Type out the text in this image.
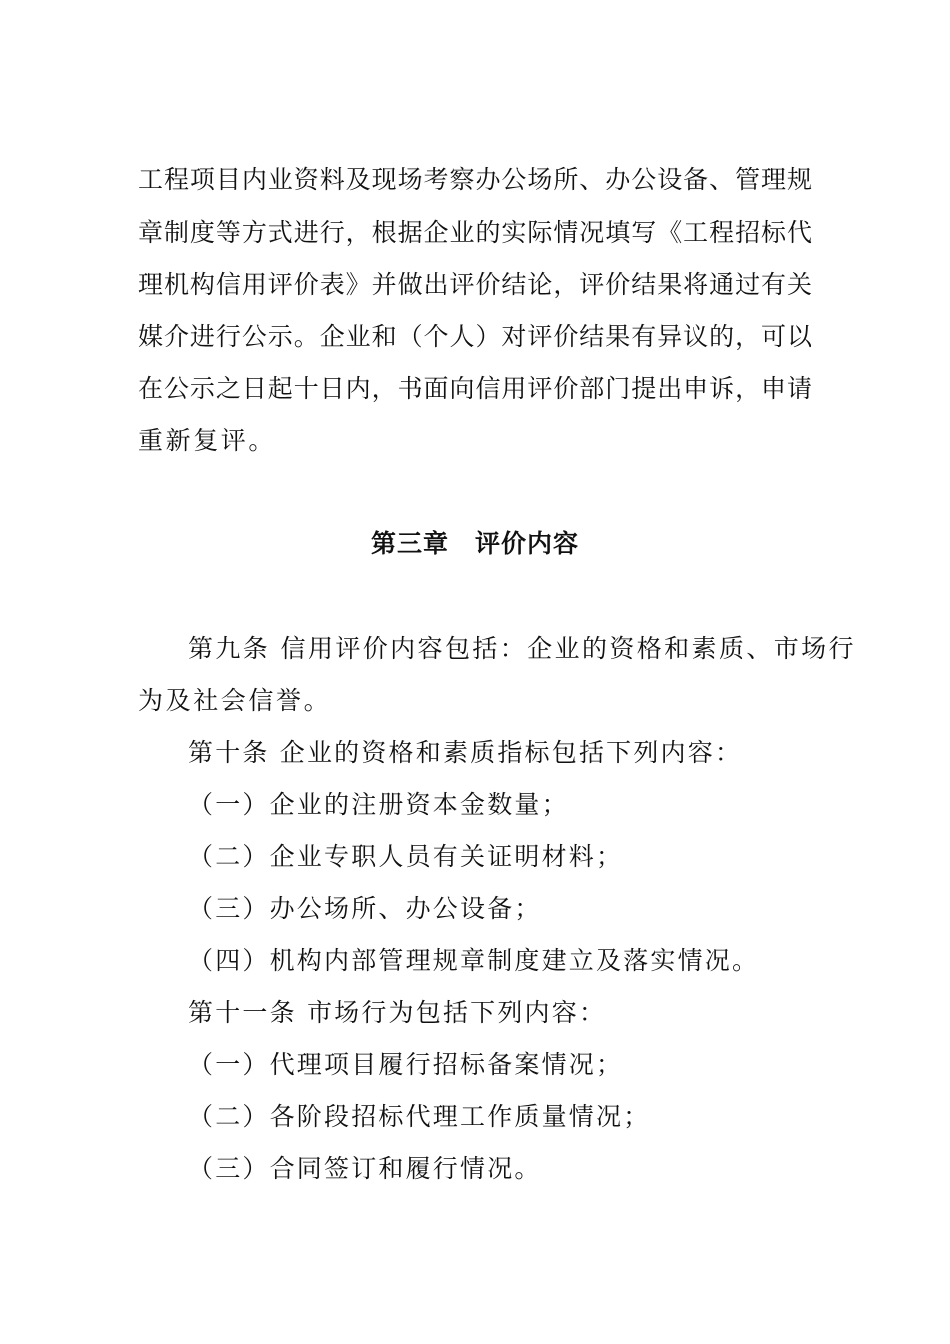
工程项目内业资料及现场考察办公场所、办公设备、管理规
章制度等方式进行，根据企业的实际情况填写《工程招标代
理机构信用评价表》并做出评价结论，评价结果将通过有关
媒介进行公示。企业和（个人）对评价结果有异议的，可以
在公示之日起十日内，书面向信用评价部门提出申诉，申请
重新复评。
第三章　评价内容
第九条 信用评价内容包括：企业的资格和素质、市场行
为及社会信誉。
第十条 企业的资格和素质指标包括下列内容：
（一）企业的注册资本金数量；
（二）企业专职人员有关证明材料；
（三）办公场所、办公设备；
（四）机构内部管理规章制度建立及落实情况。
第十一条 市场行为包括下列内容：
（一）代理项目履行招标备案情况；
（二）各阶段招标代理工作质量情况；
（三）合同签订和履行情况。
